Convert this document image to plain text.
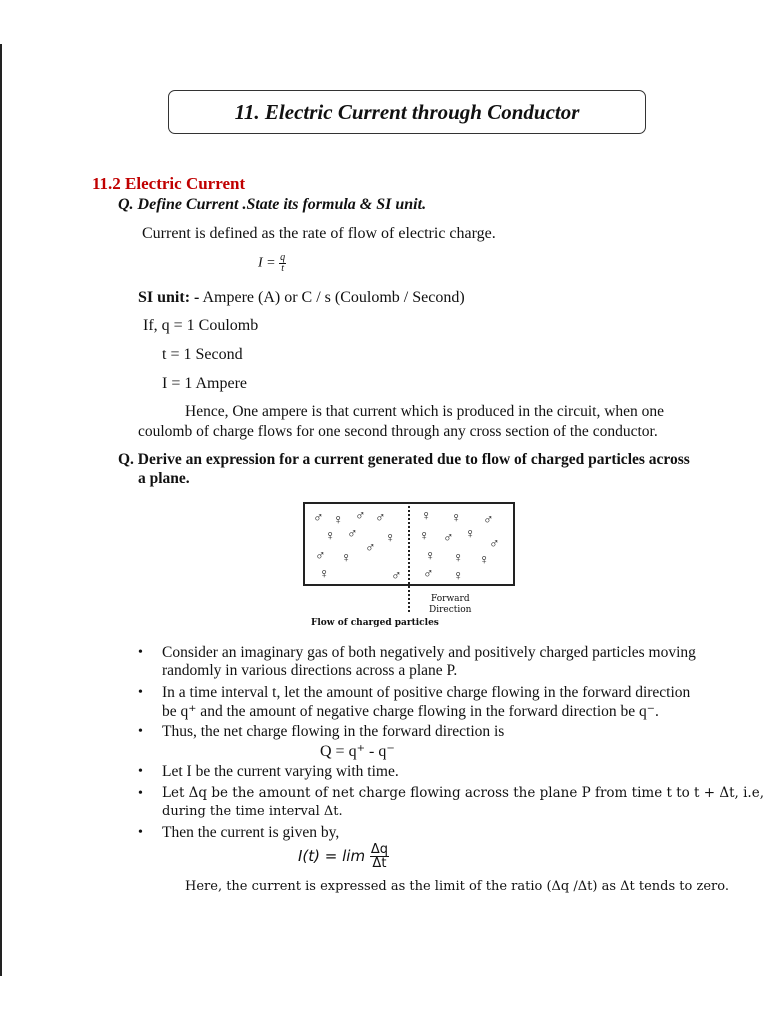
11. Electric Current through Conductor
11.2 Electric Current
Q. Define Current .State its formula & SI unit.
Current is defined as the rate of flow of electric charge.
$I = \frac{q}{t}$
SI unit: - Ampere (A) or C / s (Coulomb / Second)
If, q = 1 Coulomb
t = 1 Second
I = 1 Ampere
Hence, One ampere is that current which is produced in the circuit, when one
coulomb of charge flows for one second through any cross section of the conductor.
Q. Derive an expression for a current generated due to flow of charged particles across
a plane.
♂ ♀ ♂ ♂
♀ ♂
♂
♀
♂ ♀
♀	♂
♀ ♀ ♂
♀ ♂ ♀
♂
♀ ♀ ♀
♂ ♀
Forward
Direction
Flow of charged particles
• Consider an imaginary gas of both negatively and positively charged particles moving
randomly in various directions across a plane P.
• In a time interval t, let the amount of positive charge flowing in the forward direction
be q⁺ and the amount of negative charge flowing in the forward direction be q⁻.
• Thus, the net charge flowing in the forward direction is
Q = q⁺ - q⁻
• Let I be the current varying with time.
• Let Δq be the amount of net charge flowing across the plane P from time t to t + Δt, i.e,
during the time interval Δt.
• Then the current is given by,
$I(t) = \lim \frac{\Delta q}{\Delta t}$
Here, the current is expressed as the limit of the ratio (Δq /Δt) as Δt tends to zero.
